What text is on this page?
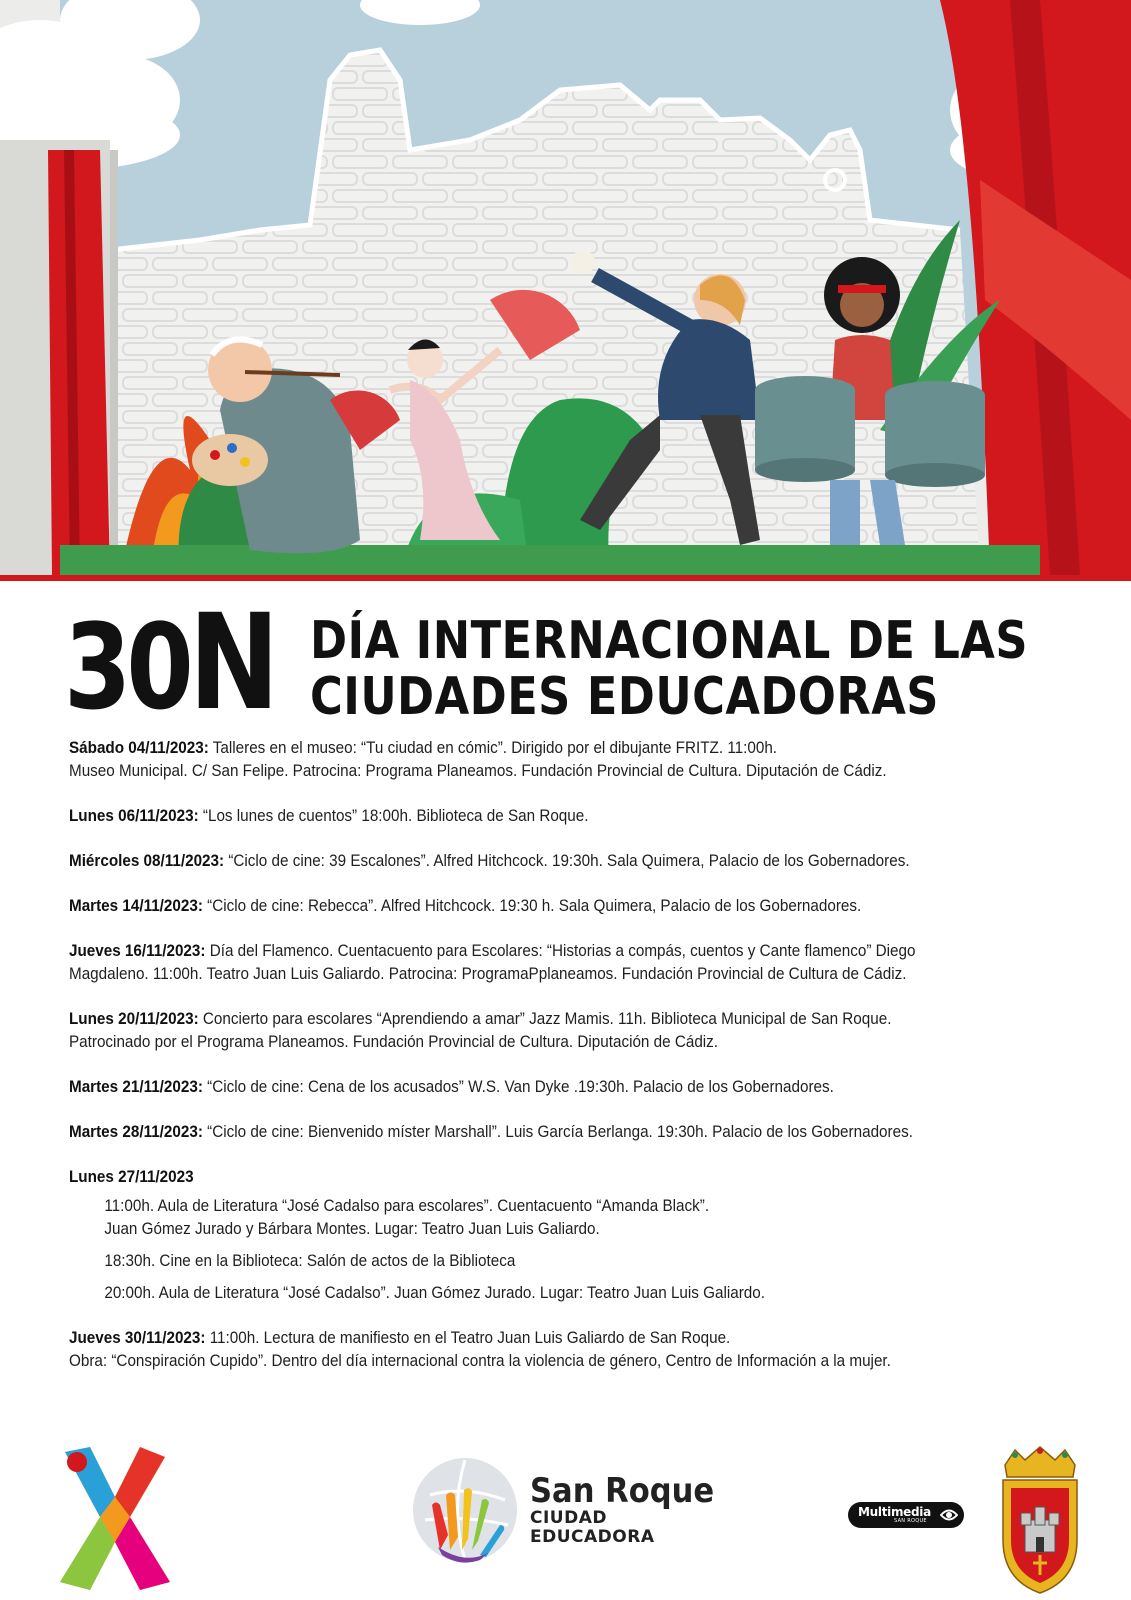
30N DÍA INTERNACIONAL DE LAS
CIUDADES EDUCADORAS
Sábado 04/11/2023: Talleres en el museo: “Tu ciudad en cómic”. Dirigido por el dibujante FRITZ. 11:00h.
Museo Municipal. C/ San Felipe. Patrocina: Programa Planeamos. Fundación Provincial de Cultura. Diputación de Cádiz.
Lunes 06/11/2023: “Los lunes de cuentos” 18:00h. Biblioteca de San Roque.
Miércoles 08/11/2023: “Ciclo de cine: 39 Escalones”. Alfred Hitchcock. 19:30h. Sala Quimera, Palacio de los Gobernadores.
Martes 14/11/2023: “Ciclo de cine: Rebecca”. Alfred Hitchcock. 19:30 h. Sala Quimera, Palacio de los Gobernadores.
Jueves 16/11/2023: Día del Flamenco. Cuentacuento para Escolares: “Historias a compás, cuentos y Cante flamenco” Diego
Magdaleno. 11:00h. Teatro Juan Luis Galiardo. Patrocina: ProgramaPplaneamos. Fundación Provincial de Cultura de Cádiz.
Lunes 20/11/2023: Concierto para escolares “Aprendiendo a amar” Jazz Mamis. 11h. Biblioteca Municipal de San Roque.
Patrocinado por el Programa Planeamos. Fundación Provincial de Cultura. Diputación de Cádiz.
Martes 21/11/2023: “Ciclo de cine: Cena de los acusados” W.S. Van Dyke .19:30h. Palacio de los Gobernadores.
Martes 28/11/2023: “Ciclo de cine: Bienvenido míster Marshall”. Luis García Berlanga. 19:30h. Palacio de los Gobernadores.
Lunes 27/11/2023
11:00h. Aula de Literatura “José Cadalso para escolares”. Cuentacuento “Amanda Black”.
Juan Gómez Jurado y Bárbara Montes. Lugar: Teatro Juan Luis Galiardo.
18:30h. Cine en la Biblioteca: Salón de actos de la Biblioteca
20:00h. Aula de Literatura “José Cadalso”. Juan Gómez Jurado. Lugar: Teatro Juan Luis Galiardo.
Jueves 30/11/2023: 11:00h. Lectura de manifiesto en el Teatro Juan Luis Galiardo de San Roque.
Obra: “Conspiración Cupido”. Dentro del día internacional contra la violencia de género, Centro de Información a la mujer.
San Roque
CIUDAD
EDUCADORA
Multimedia
SAN ROQUE
